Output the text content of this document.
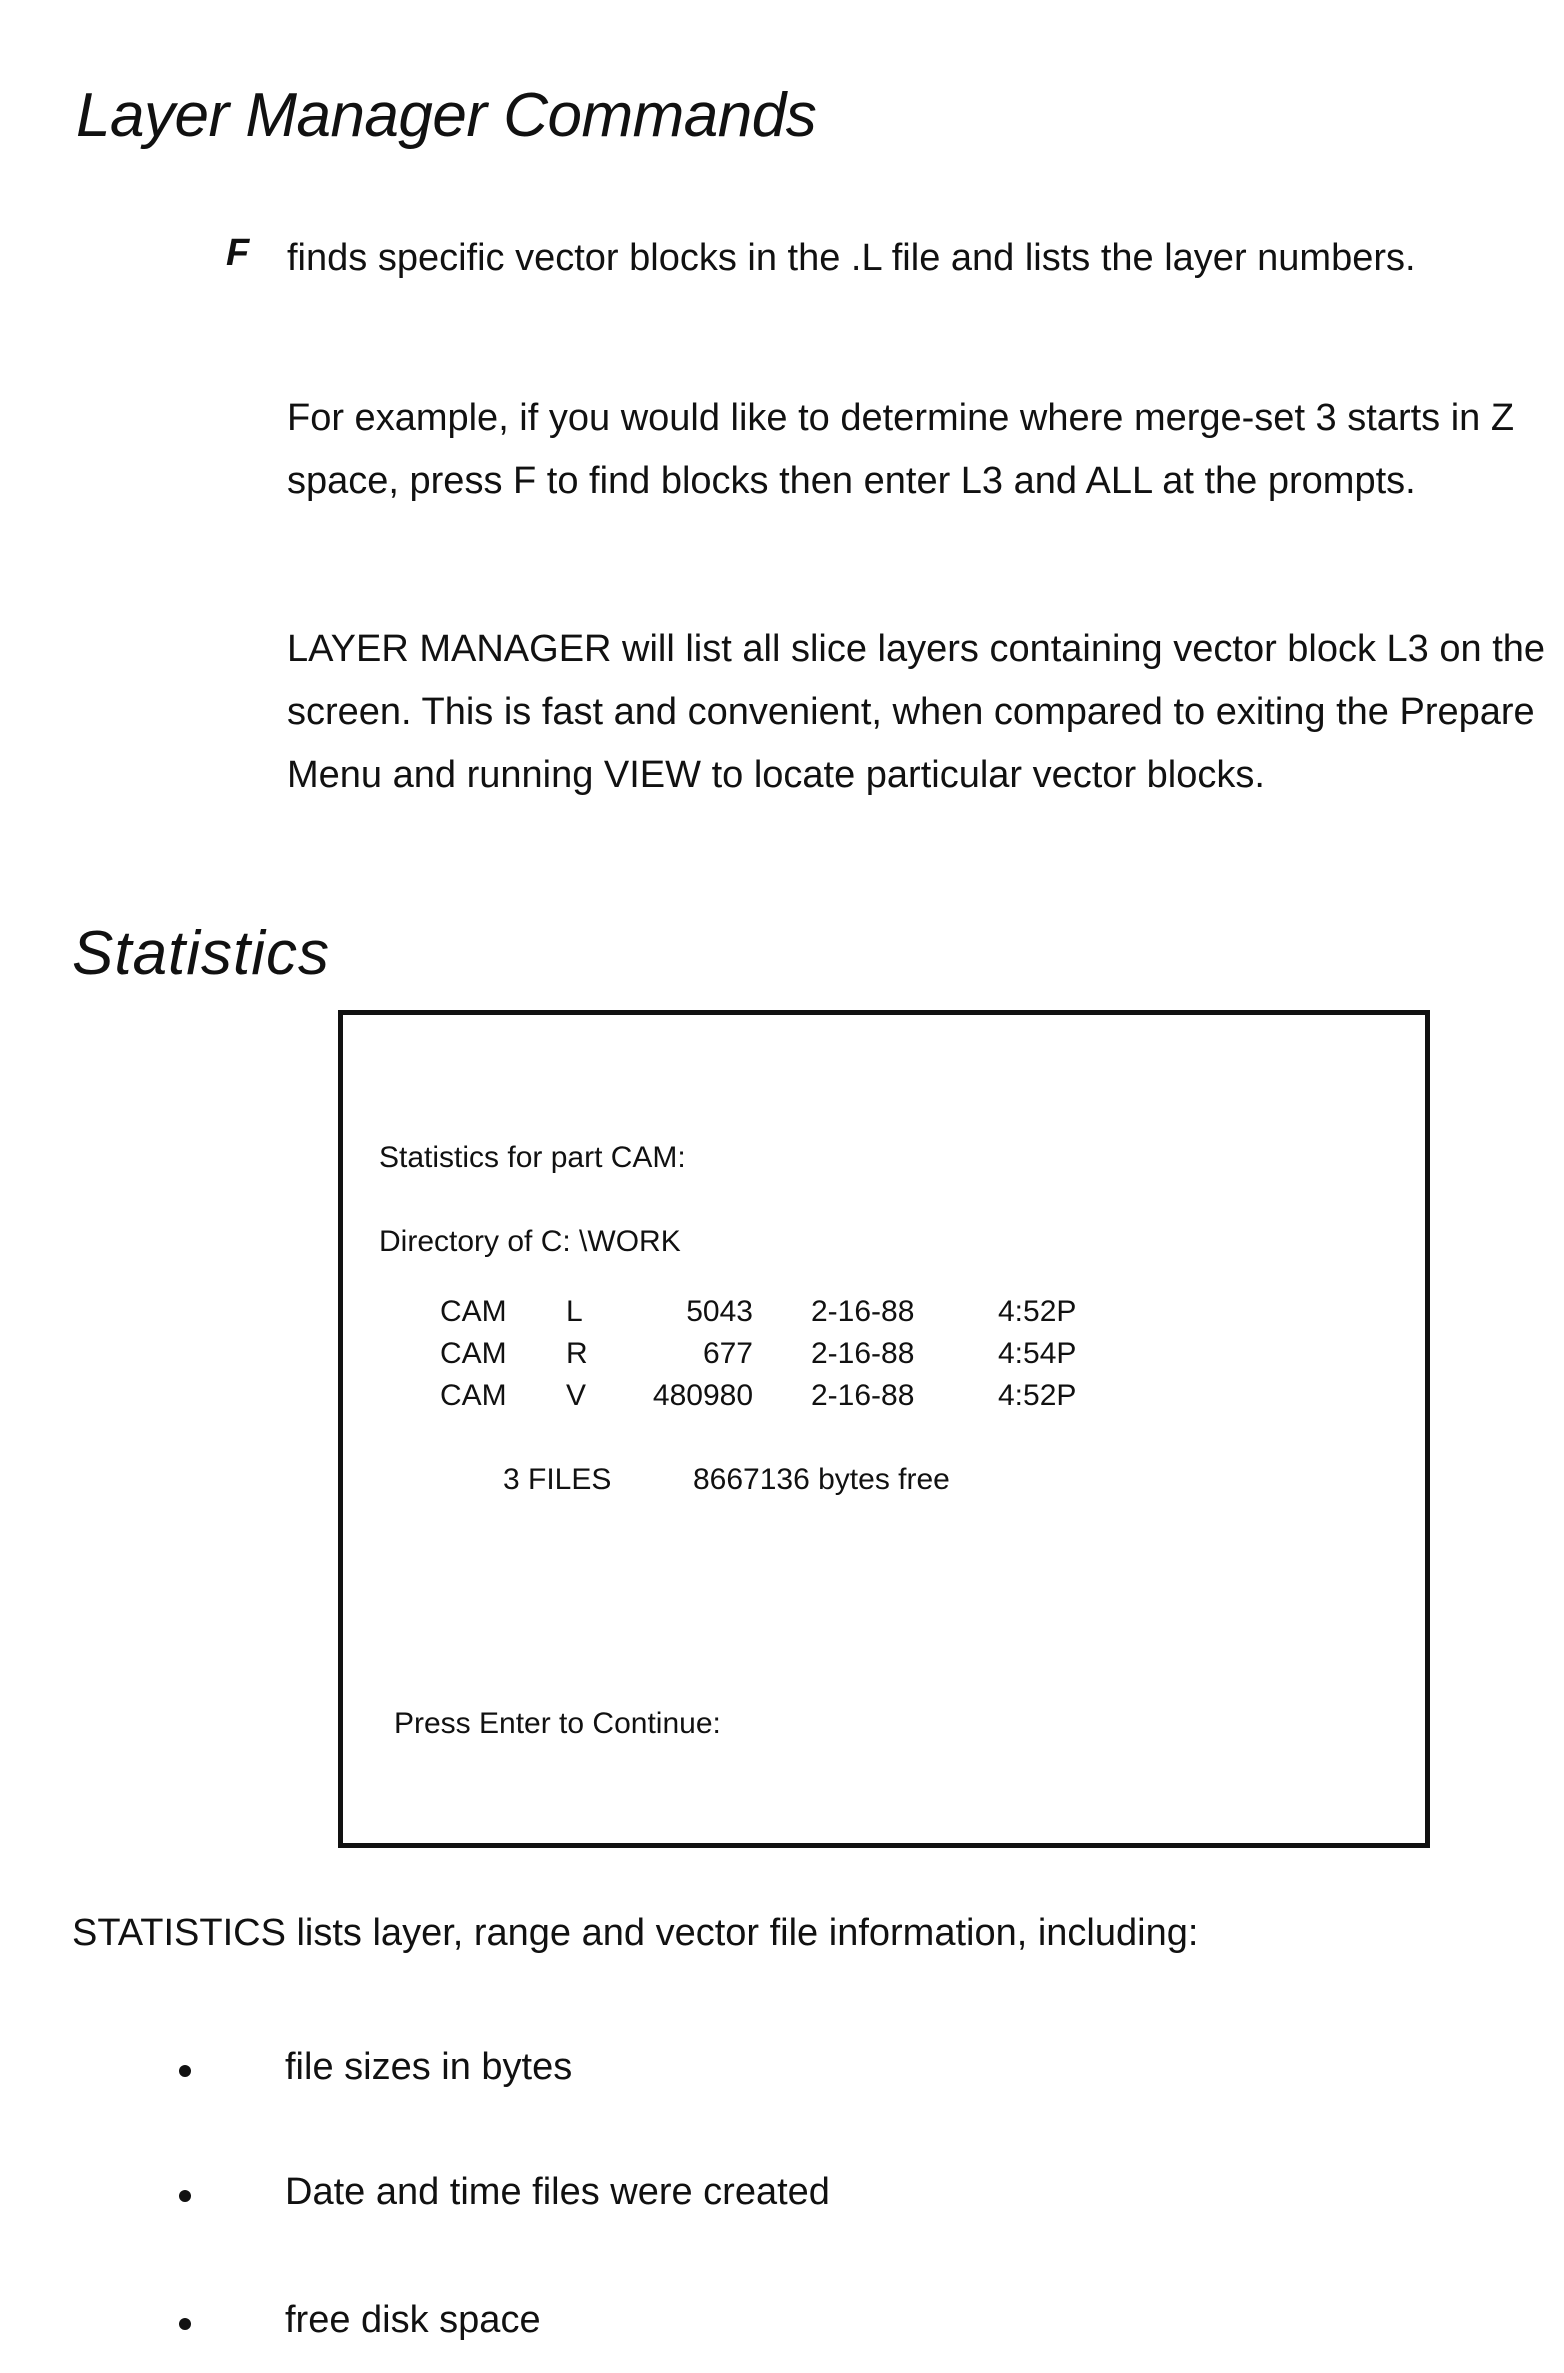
Layer Manager Commands
F finds specific vector blocks in the .L file and lists the layer numbers.

For example, if you would like to determine where merge-set 3 starts in Z space, press F to find blocks then enter L3 and ALL at the prompts.

LAYER MANAGER will list all slice layers containing vector block L3 on the screen. This is fast and convenient, when compared to exiting the Prepare Menu and running VIEW to locate particular vector blocks.

Statistics
Statistics for part CAM:
Directory of C: \WORK
CAM L	5043 2-16-88	4:52P
CAM R	677 2-16-88	4:54P
CAM V	480980 2-16-88	4:52P
3 FILES	8667136 bytes free
Press Enter to Continue:

STATISTICS lists layer, range and vector file information, including:

file sizes in bytes
Date and time files were created
free disk space
